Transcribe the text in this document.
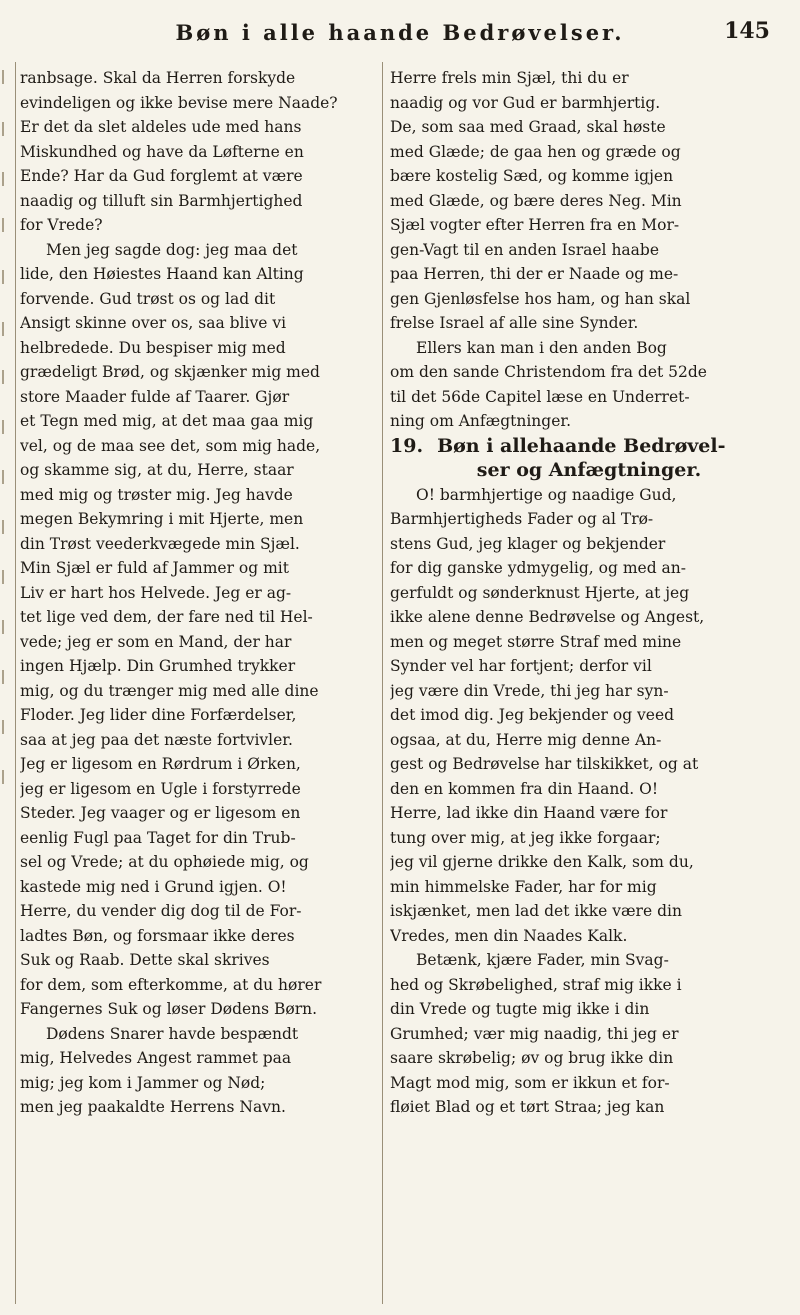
Bøn i alle haande Bedrøvelser.	145
ranbsage. Skal da Herren forskyde
evindeligen og ikke bevise mere Naade?
Er det da slet aldeles ude med hans
Miskundhed og have da Løfterne en
Ende? Har da Gud forglemt at være
naadig og tilluft sin Barmhjertighed
for Vrede?
Men jeg sagde dog: jeg maa det
lide, den Høiestes Haand kan Alting
forvende. Gud trøst os og lad dit
Ansigt skinne over os, saa blive vi
helbredede. Du bespiser mig med
grædeligt Brød, og skjænker mig med
store Maader fulde af Taarer. Gjør
et Tegn med mig, at det maa gaa mig
vel, og de maa see det, som mig hade,
og skamme sig, at du, Herre, staar
med mig og trøster mig. Jeg havde
megen Bekymring i mit Hjerte, men
din Trøst veederkvægede min Sjæl.
Min Sjæl er fuld af Jammer og mit
Liv er hart hos Helvede. Jeg er ag-
tet lige ved dem, der fare ned til Hel-
vede; jeg er som en Mand, der har
ingen Hjælp. Din Grumhed trykker
mig, og du trænger mig med alle dine
Floder. Jeg lider dine Forfærdelser,
saa at jeg paa det næste fortvivler.
Jeg er ligesom en Rørdrum i Ørken,
jeg er ligesom en Ugle i forstyrrede
Steder. Jeg vaager og er ligesom en
eenlig Fugl paa Taget for din Trub-
sel og Vrede; at du ophøiede mig, og
kastede mig ned i Grund igjen. O!
Herre, du vender dig dog til de For-
ladtes Bøn, og forsmaar ikke deres
Suk og Raab. Dette skal skrives
for dem, som efterkomme, at du hører
Fangernes Suk og løser Dødens Børn.
Dødens Snarer havde bespændt
mig, Helvedes Angest rammet paa
mig; jeg kom i Jammer og Nød;
men jeg paakaldte Herrens Navn.
Herre frels min Sjæl, thi du er
naadig og vor Gud er barmhjertig.
De, som saa med Graad, skal høste
med Glæde; de gaa hen og græde og
bære kostelig Sæd, og komme igjen
med Glæde, og bære deres Neg. Min
Sjæl vogter efter Herren fra en Mor-
gen-Vagt til en anden Israel haabe
paa Herren, thi der er Naade og me-
gen Gjenløsfelse hos ham, og han skal
frelse Israel af alle sine Synder.
Ellers kan man i den anden Bog
om den sande Christendom fra det 52de
til det 56de Capitel læse en Underret-
ning om Anfægtninger.
19. Bøn i allehaande Bedrøvel-
ser og Anfægtninger.
O! barmhjertige og naadige Gud,
Barmhjertigheds Fader og al Trø-
stens Gud, jeg klager og bekjender
for dig ganske ydmygelig, og med an-
gerfuldt og sønderknust Hjerte, at jeg
ikke alene denne Bedrøvelse og Angest,
men og meget større Straf med mine
Synder vel har fortjent; derfor vil
jeg være din Vrede, thi jeg har syn-
det imod dig. Jeg bekjender og veed
ogsaa, at du, Herre mig denne An-
gest og Bedrøvelse har tilskikket, og at
den en kommen fra din Haand. O!
Herre, lad ikke din Haand være for
tung over mig, at jeg ikke forgaar;
jeg vil gjerne drikke den Kalk, som du,
min himmelske Fader, har for mig
iskjænket, men lad det ikke være din
Vredes, men din Naades Kalk.
Betænk, kjære Fader, min Svag-
hed og Skrøbelighed, straf mig ikke i
din Vrede og tugte mig ikke i din
Grumhed; vær mig naadig, thi jeg er
saare skrøbelig; øv og brug ikke din
Magt mod mig, som er ikkun et for-
fløiet Blad og et tørt Straa; jeg kan
